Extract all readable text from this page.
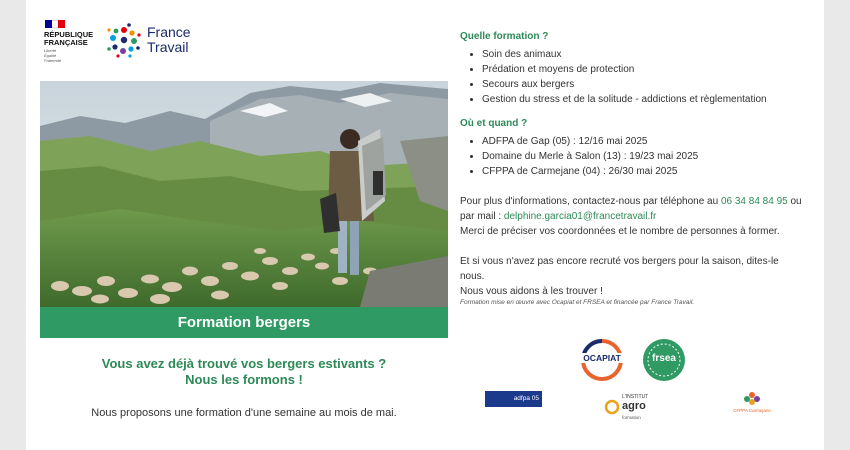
RÉPUBLIQUE
FRANÇAISE
Liberté
Égalité
Fraternité
France
Travail
Formation bergers
Vous avez déjà trouvé vos bergers estivants ?
Nous les formons !
Nous proposons une formation d'une semaine au mois de mai.
Quelle formation ?
• Soin des animaux
• Prédation et moyens de protection
• Secours aux bergers
• Gestion du stress et de la solitude - addictions et règlementation
Où et quand ?
• ADFPA de Gap (05) : 12/16 mai 2025
• Domaine du Merle à Salon (13) : 19/23 mai 2025
• CFPPA de Carmejane (04) : 26/30 mai 2025
Pour plus d'informations, contactez-nous par téléphone au 06 34 84 84 95 ou
par mail : delphine.garcia01@francetravail.fr
Merci de préciser vos coordonnées et le nombre de personnes à former.
Et si vous n'avez pas encore recruté vos bergers pour la saison, dites-le nous.
Nous vous aidons à les trouver !
Formation mise en œuvre avec Ocapiat et FRSEA et financée par France Travail.
OCAPIAT	frsea
adfpa 05	L'INSTITUT
agro
formation
CFPPA Carmejane
